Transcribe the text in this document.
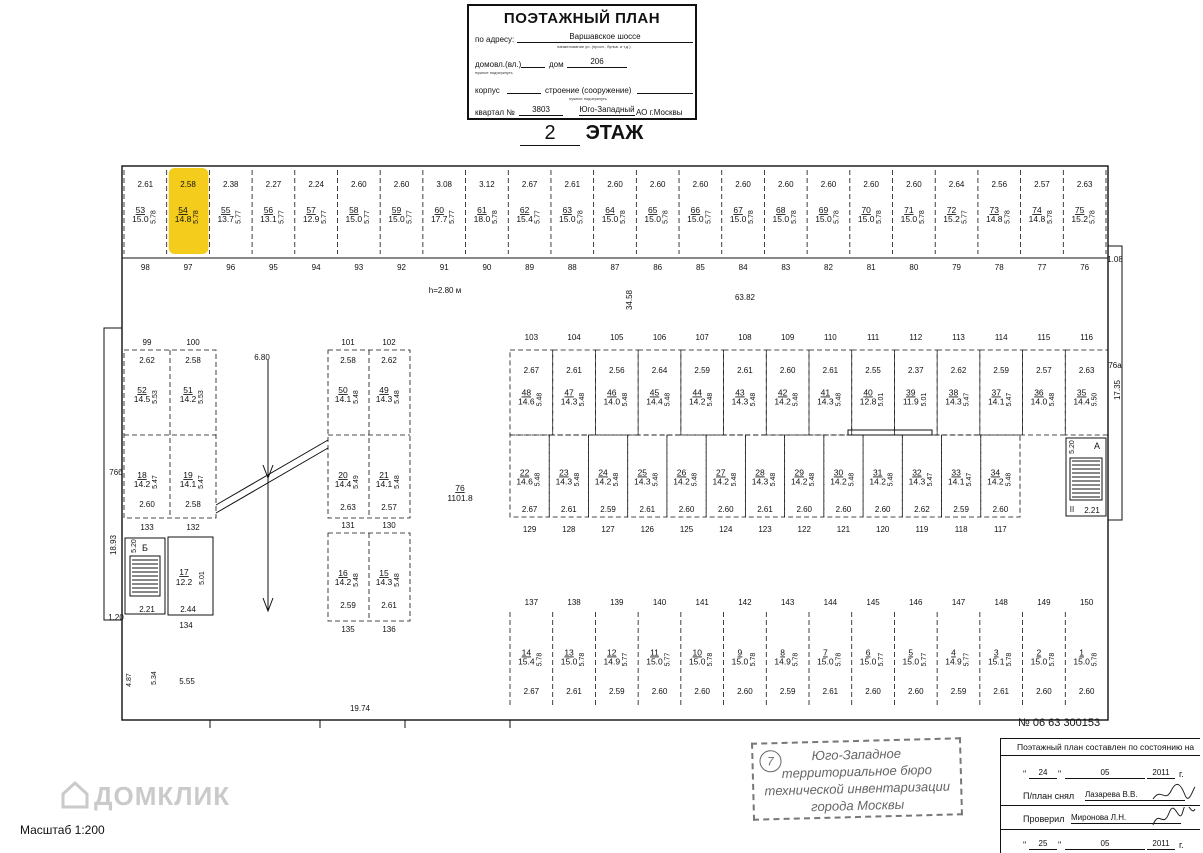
ПОЭТАЖНЫЙ ПЛАН
по адресу:	Варшавское шоссе
наименование ул. (просп., бульв. и т.д.)
домовл.(вл.)	дом	206
нужное подчеркнуть
корпус	строение (сооружение)
нужное подчеркнуть
квартал №	3803	Юго-Западный АО г.Москвы
2 ЭТАЖ
2.61
53
15.0 5.78
2.58
54
14.8 5.78
2.38
55
13.7 5.77
2.27
56
13.1 5.77
2.24
57
12.9 5.77
2.60
58
15.0 5.77
2.60
59
15.0 5.77
3.08
60
17.7 5.77
3.12
61
18.0 5.78
2.67
62
15.4 5.77
2.61
63
15.0 5.78
2.60
64
15.0 5.78
2.60
65
15.0 5.78
2.60
66
15.0 5.77
2.60
67
15.0 5.78
2.60
68
15.0 5.78
2.60
69
15.0 5.78
2.60
70
15.0 5.78
2.60
71
15.0 5.78
2.64
72
15.2 5.77
2.56
73
14.8 5.78
2.57
74
14.8 5.78
2.63
75
15.2 5.78
98	97	96	95	94	93	92	91	90	89	88	87	86	85	84	83	82	81	80	79	78	77	76
103
2.67
48
14.6 5.48
104
2.61
47
14.3 5.48
105
2.56
46
14.0 5.48
106
2.64
45
14.4 5.48
107
2.59
44
14.2 5.48
108
2.61
43
14.3 5.48
109
2.60
42
14.2 5.48
110
2.61
41
14.3 5.48
111
2.55
40
12.8 5.01
112
2.37
39
11.9 5.01
113
2.62
38
14.3 5.47
114
2.59
37
14.1 5.47
115
2.57
36
14.0 5.48
116
2.63
35
14.4 5.50
129
2.67
22
14.6 5.48
128
2.61
23
14.3 5.48
127
2.59
24
14.2 5.48
126
2.61
25
14.3 5.48
125
2.60
26
14.2 5.48
124
2.60
27
14.2 5.48
123
2.61
28
14.3 5.48
122
2.60
29
14.2 5.48
121
2.60
30
14.2 5.48
120
2.60
31
14.2 5.48
119
2.62
32
14.3 5.47
118
2.59
33
14.1 5.47
117
2.60
34
14.2 5.48
137
2.67
14
15.4 5.78
138
2.61
13
15.0 5.78
139
2.59
12
14.9 5.77
140
2.60
11
15.0 5.77
141
2.60
10
15.0 5.78
142
2.60
9
15.0 5.78
143
2.59
8
14.9 5.78
144
2.61
7
15.0 5.78
145
2.60
6
15.0 5.77
146
2.60
5
15.0 5.77
147
2.59
4
14.9 5.77
148
2.61
3
15.1 5.78
149
2.60
2
15.0 5.78
150
2.60
1
15.0 5.78
99
2.62
52
14.5 5.53
100
2.58
51
14.2 5.53
133
2.60
18
14.2 5.47
132
2.58
19
14.1 5.47
101
2.58
50
14.1 5.48
102
2.62
49
14.3 5.48
131
2.63
20
14.4 5.49
130
2.57
21
14.1 5.48
135
2.59
16
14.2 5.48
136
2.61
15
14.3 5.48
6.80
17
12.2 5.01
2.44
134
Б
5.20
2.21
1.20
А
5.20
2.21
II
h=2.80 м	34.58	63.82
1.08
76а
17.35
76б
18.93
4.87	5.34	5.55
19.74
76
1101.8
7	Юго-Западное
территориальное бюро
технической инвентаризации
города Москвы
№ 06 63 300153
Поэтажный план составлен по состоянию на
"	24	"	05	2011	г.
П/план снял Лазарева В.В.
Проверил Миронова Л.Н.
"	25	"	05	2011	г.
Масштаб 1:200
ДОМКЛИК
